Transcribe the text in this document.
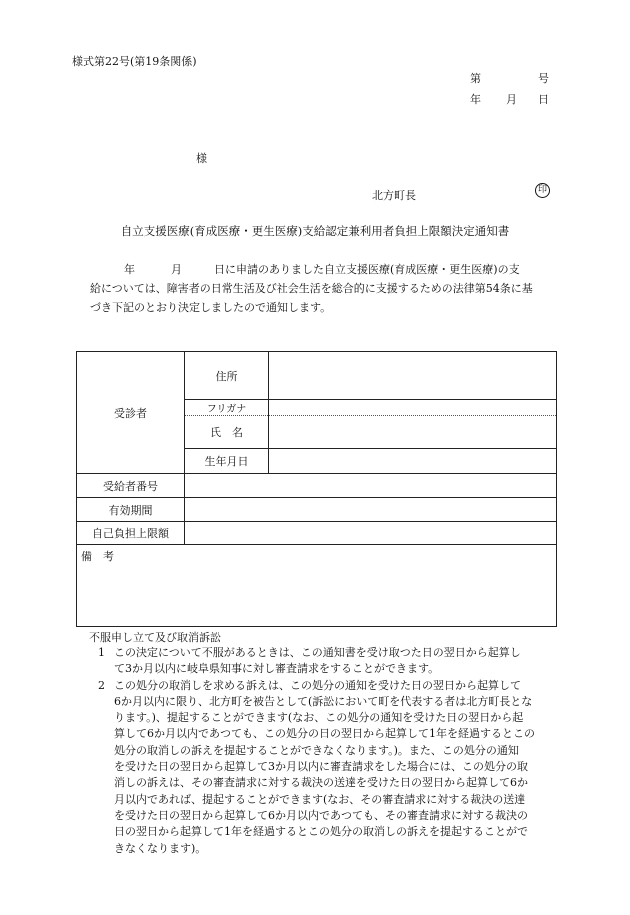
様式第22号(第19条関係)
第	号
年 月 日
様
北方町長	印
自立支援医療(育成医療・更生医療)支給認定兼利用者負担上限額決定通知書
年	月	日に申請のありました自立支援医療(育成医療・更生医療)の支
給については、障害者の日常生活及び社会生活を総合的に支援するための法律第54条に基
づき下記のとおり決定しましたので通知します。
受診者	住所	
	フリガナ	
	氏　名	
	生年月日	
受給者番号		
有効期間		
自己負担上限額		
備　考		
不服申し立て及び取消訴訟
1 この決定について不服があるときは、この通知書を受け取つた日の翌日から起算し
て3か月以内に岐阜県知事に対し審査請求をすることができます。
2 この処分の取消しを求める訴えは、この処分の通知を受けた日の翌日から起算して
6か月以内に限り、北方町を被告として(訴訟において町を代表する者は北方町長とな
ります。)、提起することができます(なお、この処分の通知を受けた日の翌日から起
算して6か月以内であつても、この処分の日の翌日から起算して1年を経過するとこの
処分の取消しの訴えを提起することができなくなります。)。また、この処分の通知
を受けた日の翌日から起算して3か月以内に審査請求をした場合には、この処分の取
消しの訴えは、その審査請求に対する裁決の送達を受けた日の翌日から起算して6か
月以内であれば、提起することができます(なお、その審査請求に対する裁決の送達
を受けた日の翌日から起算して6か月以内であつても、その審査請求に対する裁決の
日の翌日から起算して1年を経過するとこの処分の取消しの訴えを提起することがで
きなくなります)。
